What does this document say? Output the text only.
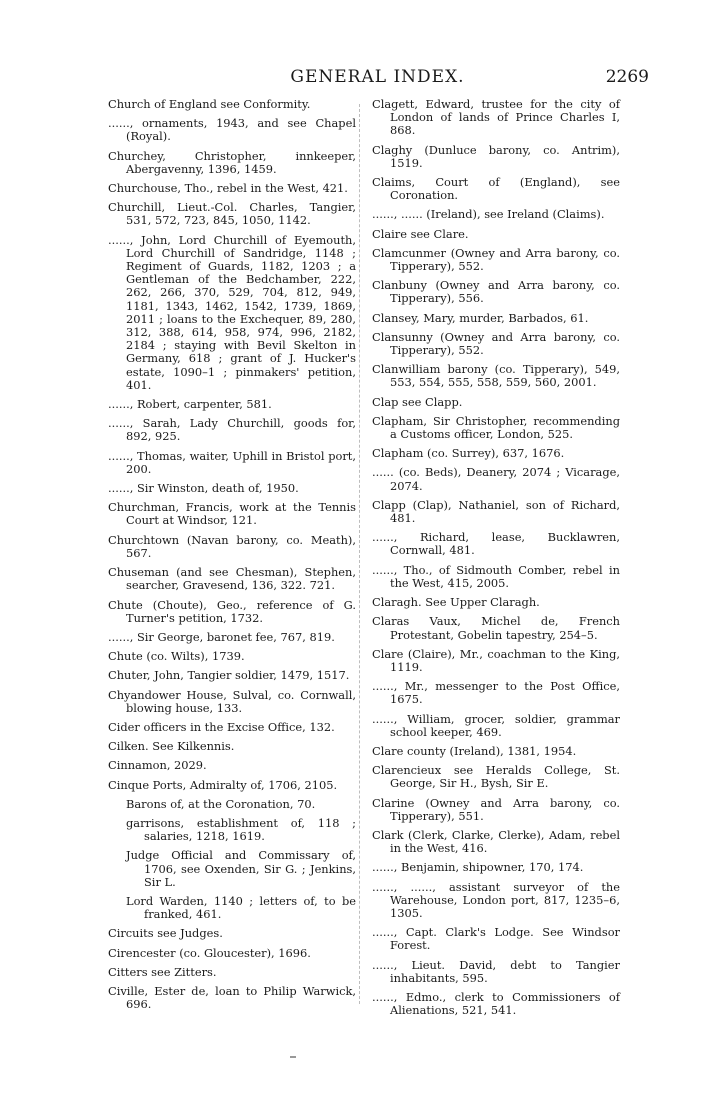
GENERAL INDEX.	2269

Church of England see Conformity.

......, ornaments, 1943, and see Chapel (Royal).

Churchey, Christopher, innkeeper, Abergavenny, 1396, 1459.

Churchouse, Tho., rebel in the West, 421.

Churchill, Lieut.-Col. Charles, Tangier, 531, 572, 723, 845, 1050, 1142.

......, John, Lord Churchill of Eyemouth, Lord Churchill of Sandridge, 1148 ; Regiment of Guards, 1182, 1203 ; a Gentleman of the Bedchamber, 222, 262, 266, 370, 529, 704, 812, 949, 1181, 1343, 1462, 1542, 1739, 1869, 2011 ; loans to the Exchequer, 89, 280, 312, 388, 614, 958, 974, 996, 2182, 2184 ; staying with Bevil Skelton in Germany, 618 ; grant of J. Hucker's estate, 1090–1 ; pinmakers' petition, 401.

......, Robert, carpenter, 581.

......, Sarah, Lady Churchill, goods for, 892, 925.

......, Thomas, waiter, Uphill in Bristol port, 200.

......, Sir Winston, death of, 1950.

Churchman, Francis, work at the Tennis Court at Windsor, 121.

Churchtown (Navan barony, co. Meath), 567.

Chuseman (and see Chesman), Stephen, searcher, Gravesend, 136, 322. 721.

Chute (Choute), Geo., reference of G. Turner's petition, 1732.

......, Sir George, baronet fee, 767, 819.

Chute (co. Wilts), 1739.

Chuter, John, Tangier soldier, 1479, 1517.

Chyandower House, Sulval, co. Cornwall, blowing house, 133.

Cider officers in the Excise Office, 132.

Cilken. See Kilkennis.

Cinnamon, 2029.

Cinque Ports, Admiralty of, 1706, 2105.

Barons of, at the Coronation, 70.

garrisons, establishment of, 118 ; salaries, 1218, 1619.

Judge Official and Commissary of, 1706, see Oxenden, Sir G. ; Jenkins, Sir L.

Lord Warden, 1140 ; letters of, to be franked, 461.

Circuits see Judges.

Cirencester (co. Gloucester), 1696.

Citters see Zitters.

Civille, Ester de, loan to Philip Warwick, 696.

Clagett, Edward, trustee for the city of London of lands of Prince Charles I, 868.

Claghy (Dunluce barony, co. Antrim), 1519.

Claims, Court of (England), see Coronation.

......, ...... (Ireland), see Ireland (Claims).

Claire see Clare.

Clamcunmer (Owney and Arra barony, co. Tipperary), 552.

Clanbuny (Owney and Arra barony, co. Tipperary), 556.

Clansey, Mary, murder, Barbados, 61.

Clansunny (Owney and Arra barony, co. Tipperary), 552.

Clanwilliam barony (co. Tipperary), 549, 553, 554, 555, 558, 559, 560, 2001.

Clap see Clapp.

Clapham, Sir Christopher, recommending a Customs officer, London, 525.

Clapham (co. Surrey), 637, 1676.

...... (co. Beds), Deanery, 2074 ; Vicarage, 2074.

Clapp (Clap), Nathaniel, son of Richard, 481.

......, Richard, lease, Bucklawren, Cornwall, 481.

......, Tho., of Sidmouth Comber, rebel in the West, 415, 2005.

Claragh. See Upper Claragh.

Claras Vaux, Michel de, French Protestant, Gobelin tapestry, 254–5.

Clare (Claire), Mr., coachman to the King, 1119.

......, Mr., messenger to the Post Office, 1675.

......, William, grocer, soldier, grammar school keeper, 469.

Clare county (Ireland), 1381, 1954.

Clarencieux see Heralds College, St. George, Sir H., Bysh, Sir E.

Clarine (Owney and Arra barony, co. Tipperary), 551.

Clark (Clerk, Clarke, Clerke), Adam, rebel in the West, 416.

......, Benjamin, shipowner, 170, 174.

......, ......, assistant surveyor of the Warehouse, London port, 817, 1235–6, 1305.

......, Capt. Clark's Lodge. See Windsor Forest.

......, Lieut. David, debt to Tangier inhabitants, 595.

......, Edmo., clerk to Commissioners of Alienations, 521, 541.
